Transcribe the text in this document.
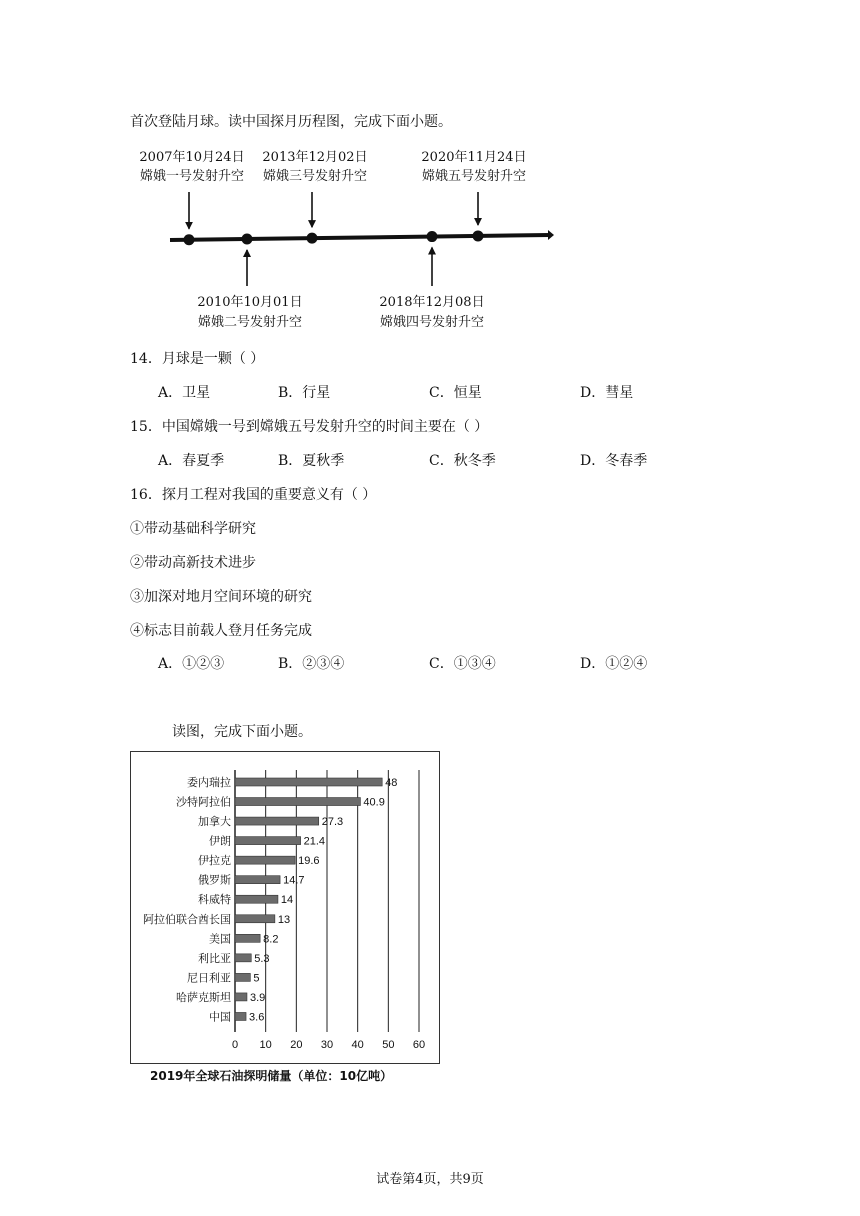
首次登陆月球。读中国探月历程图，完成下面小题。
2007年10月24日
嫦娥一号发射升空
2010年10月01日
嫦娥二号发射升空
2013年12月02日
嫦娥三号发射升空
2018年12月08日
嫦娥四号发射升空
2020年11月24日
嫦娥五号发射升空
14．月球是一颗（ ）
A．卫星	B．行星	C．恒星	D．彗星
15．中国嫦娥一号到嫦娥五号发射升空的时间主要在（ ）
A．春夏季	B．夏秋季	C．秋冬季	D．冬春季
16．探月工程对我国的重要意义有（ ）
①带动基础科学研究
②带动高新技术进步
③加深对地月空间环境的研究
④标志目前载人登月任务完成
A．①②③	B．②③④	C．①③④	D．①②④
读图，完成下面小题。
0 10 20 30 40 50 60
委内瑞拉	48
沙特阿拉伯	40.9
加拿大	27.3
伊朗	21.4
伊拉克	19.6
俄罗斯	14.7
科威特	14
阿拉伯联合酋长国	13
美国	8.2
利比亚 5.3
尼日利亚 5
哈萨克斯坦 3.9
中国 3.6
2019年全球石油探明储量（单位：10亿吨）
试卷第4页，共9页
